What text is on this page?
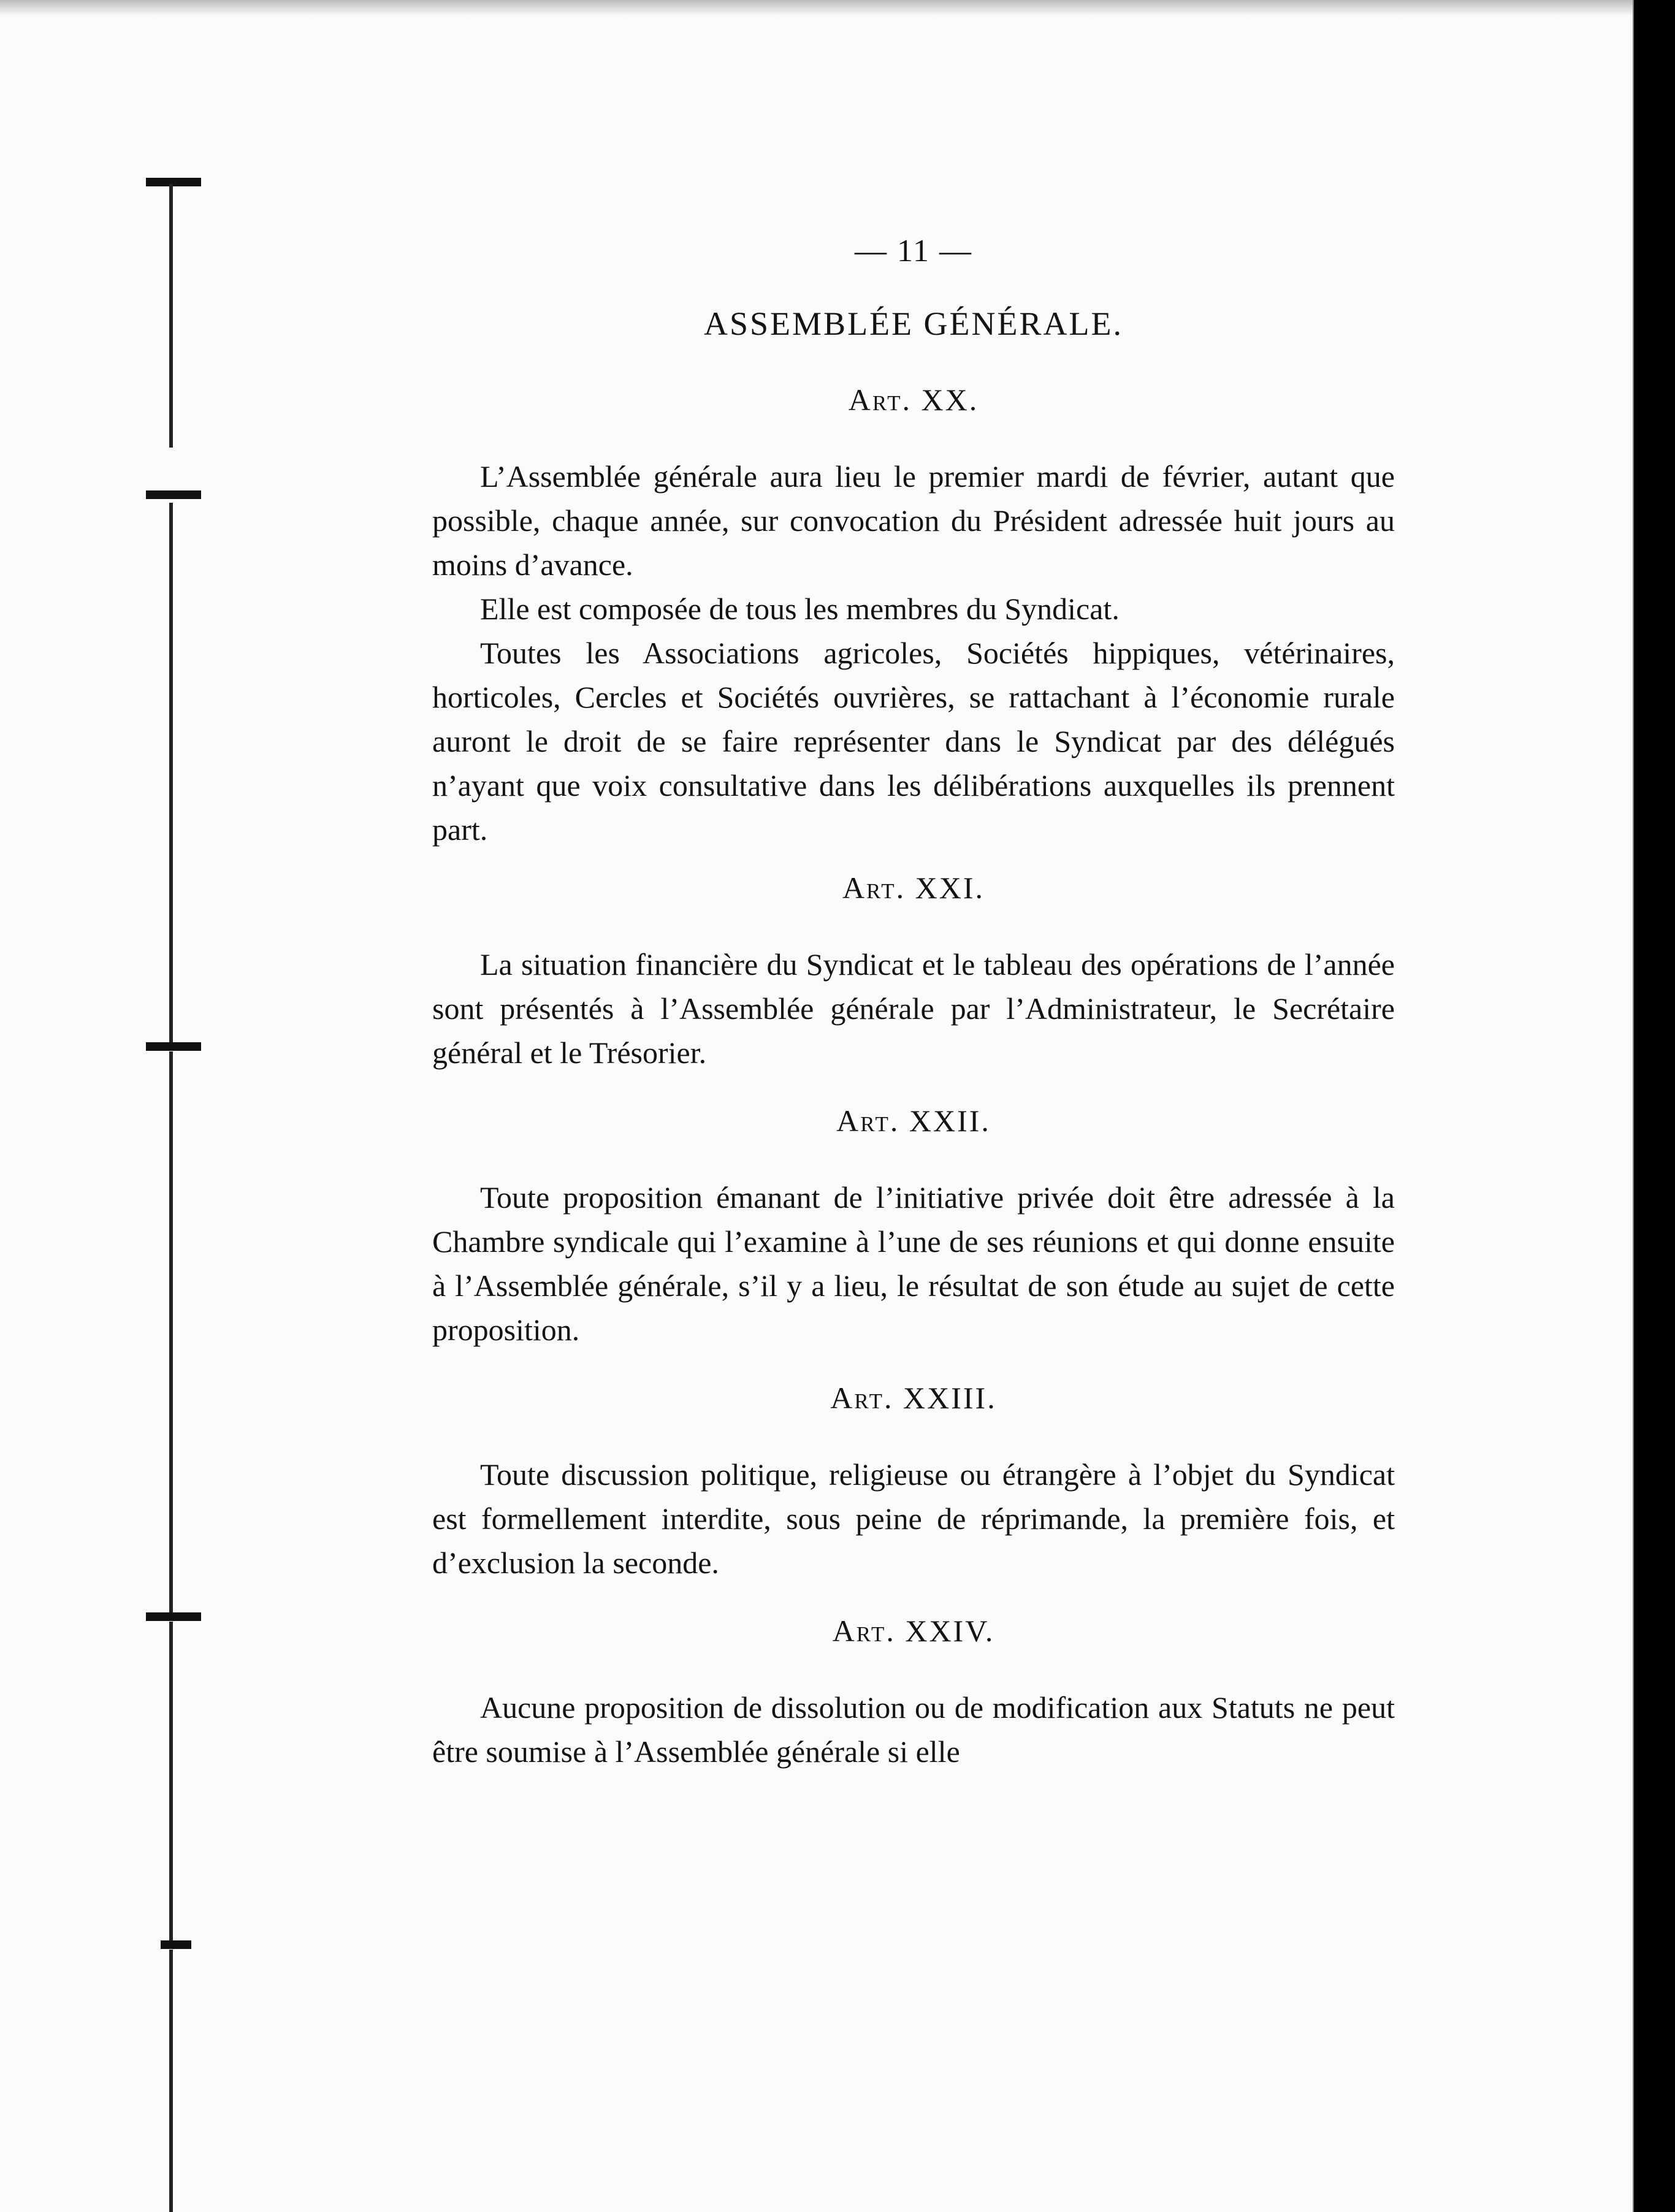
— 11 —
ASSEMBLÉE GÉNÉRALE.
Art. XX.

L’Assemblée générale aura lieu le premier mardi de février, autant que possible, chaque année, sur convocation du Président adressée huit jours au moins d’avance.

Elle est composée de tous les membres du Syndicat.

Toutes les Associations agricoles, Sociétés hippiques, vétérinaires, horticoles, Cercles et Sociétés ouvrières, se rattachant à l’économie rurale auront le droit de se faire représenter dans le Syndicat par des délégués n’ayant que voix consultative dans les délibérations auxquelles ils prennent part.

Art. XXI.

La situation financière du Syndicat et le tableau des opérations de l’année sont présentés à l’Assemblée générale par l’Administrateur, le Secrétaire général et le Trésorier.

Art. XXII.

Toute proposition émanant de l’initiative privée doit être adressée à la Chambre syndicale qui l’examine à l’une de ses réunions et qui donne ensuite à l’Assemblée générale, s’il y a lieu, le résultat de son étude au sujet de cette proposition.

Art. XXIII.

Toute discussion politique, religieuse ou étrangère à l’objet du Syndicat est formellement interdite, sous peine de réprimande, la première fois, et d’exclusion la seconde.

Art. XXIV.

Aucune proposition de dissolution ou de modification aux Statuts ne peut être soumise à l’Assemblée générale si elle
